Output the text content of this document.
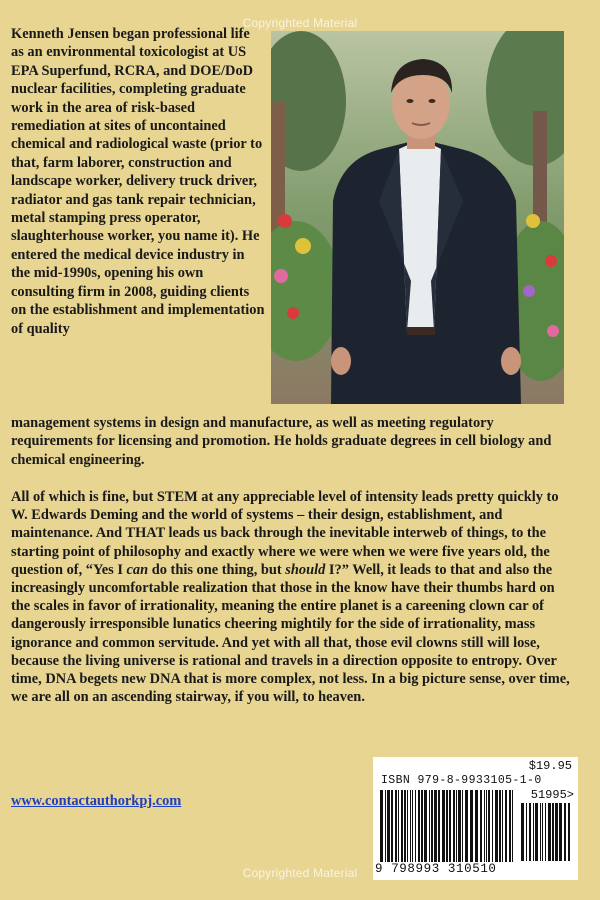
Copyrighted Material

Kenneth Jensen began professional life as an environmental toxicologist at US EPA Superfund, RCRA, and DOE/DoD nuclear facilities, completing graduate work in the area of risk-based remediation at sites of uncontained chemical and radiological waste (prior to that, farm laborer, construction and landscape worker, delivery truck driver, radiator and gas tank repair technician, metal stamping press operator, slaughterhouse worker, you name it). He entered the medical device industry in the mid-1990s, opening his own consulting firm in 2008, guiding clients on the establishment and implementation of quality

management systems in design and manufacture, as well as meeting regulatory requirements for licensing and promotion. He holds graduate degrees in cell biology and chemical engineering.

All of which is fine, but STEM at any appreciable level of intensity leads pretty quickly to W. Edwards Deming and the world of systems – their design, establishment, and maintenance. And THAT leads us back through the inevitable interweb of things, to the starting point of philosophy and exactly where we were when we were five years old, the question of, “Yes I can do this one thing, but should I?” Well, it leads to that and also the increasingly uncomfortable realization that those in the know have their thumbs hard on the scales in favor of irrationality, meaning the entire planet is a careening clown car of dangerously irresponsible lunatics cheering mightily for the side of irrationality, mass ignorance and common servitude. And yet with all that, those evil clowns still will lose, because the living universe is rational and travels in a direction opposite to entropy. Over time, DNA begets new DNA that is more complex, not less. In a big picture sense, over time, we are all on an ascending stairway, if you will, to heaven.

www.contactauthorkpj.com
$19.95
ISBN 979-8-9933105-1-0
51995>
9 798993 310510
Copyrighted Material
